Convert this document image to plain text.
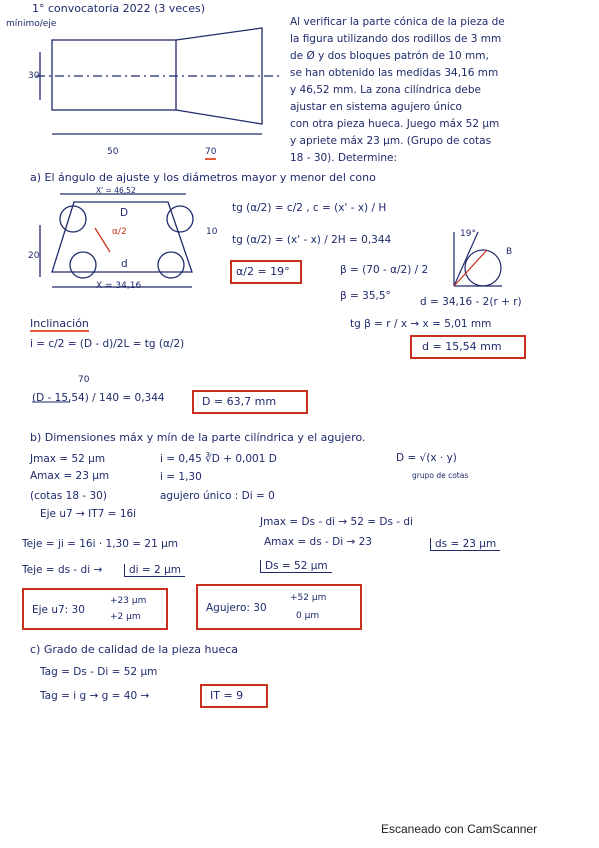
1° convocatoria 2022 (3 veces)
mínimo/eje
30
50	70
Al verificar la parte cónica de la pieza de
la figura utilizando dos rodillos de 3 mm
de Ø y dos bloques patrón de 10 mm,
se han obtenido las medidas 34,16 mm
y 46,52 mm. La zona cilíndrica debe
ajustar en sistema agujero único
con otra pieza hueca. Juego máx 52 μm
y apriete máx 23 μm. (Grupo de cotas
18 - 30). Determine:
a) El ángulo de ajuste y los diámetros mayor y menor del cono
X' = 46,52
D
α/2
20
10
d
X = 34,16
tg (α/2) = c/2 , c = (x' - x) / H
tg (α/2) = (x' - x) / 2H = 0,344
α/2 = 19°
19°
B
β = (70 - α/2) / 2
β = 35,5°	d = 34,16 - 2(r + r)
tg β = r / x → x = 5,01 mm
d = 15,54 mm
Inclinación
i = c/2 = (D - d)/2L = tg (α/2)
70
(D - 15,54) / 140 = 0,344	D = 63,7 mm
b) Dimensiones máx y mín de la parte cilíndrica y el agujero.
Jmax = 52 μm
Amax = 23 μm
(cotas 18 - 30)
Eje u7 → IT7 = 16i
i = 0,45 ∛D + 0,001 D
i = 1,30
agujero único : Di = 0
D = √(x · y)
grupo de cotas
Jmax = Ds - di → 52 = Ds - di
Teje = ji = 16i · 1,30 = 21 μm	Amax = ds - Di → 23	ds = 23 μm
Teje = ds - di →	di = 2 μm	Ds = 52 μm
Eje u7: 30
+23 μm
+2 μm
Agujero: 30
+52 μm
0 μm
c) Grado de calidad de la pieza hueca
Tag = Ds - Di = 52 μm
Tag = i g → g = 40 →	IT = 9
Escaneado con CamScanner
